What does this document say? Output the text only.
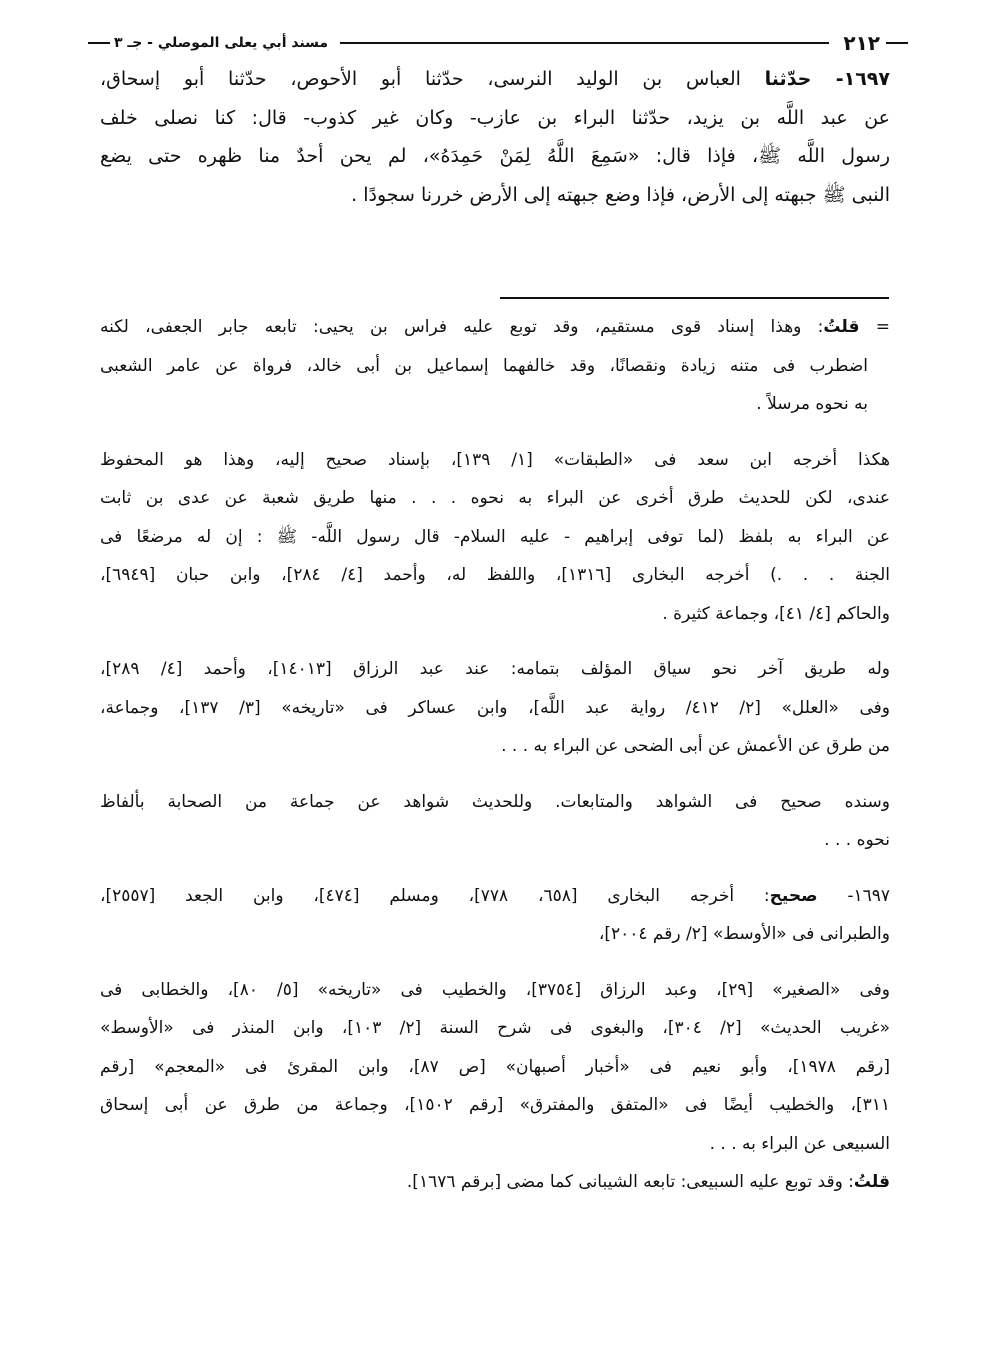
٢١٢
مسند أبي يعلى الموصلي - جـ ٣
١٦٩٧- حدّثنا العباس بن الوليد النرسى، حدّثنا أبو الأحوص، حدّثنا أبو إسحاق،
عن عبد اللَّه بن يزيد، حدّثنا البراء بن عازب- وكان غير كذوب- قال: كنا نصلى خلف
رسول اللَّه ﷺ، فإذا قال: «سَمِعَ اللَّهُ لِمَنْ حَمِدَهُ»، لم يحن أحدٌ منا ظهره حتى يضع
النبى ﷺ جبهته إلى الأرض، فإذا وضع جبهته إلى الأرض خررنا سجودًا .
= قلتُ: وهذا إسناد قوى مستقيم، وقد توبع عليه فراس بن يحيى: تابعه جابر الجعفى، لكنه
اضطرب فى متنه زيادة ونقصانًا، وقد خالفهما إسماعيل بن أبى خالد، فرواة عن عامر الشعبى
به نحوه مرسلاً .
هكذا أخرجه ابن سعد فى «الطبقات» [١/ ١٣٩]، بإسناد صحيح إليه، وهذا هو المحفوظ
عندى، لكن للحديث طرق أخرى عن البراء به نحوه . . . منها طريق شعبة عن عدى بن ثابت
عن البراء به بلفظ (لما توفى إبراهيم - عليه السلام- قال رسول اللَّه- ﷺ : إن له مرضعًا فى
الجنة . . .) أخرجه البخارى [١٣١٦]، واللفظ له، وأحمد [٤/ ٢٨٤]، وابن حبان [٦٩٤٩]،
والحاكم [٤/ ٤١]، وجماعة كثيرة .
وله طريق آخر نحو سياق المؤلف بتمامه: عند عبد الرزاق [١٤٠١٣]، وأحمد [٤/ ٢٨٩]،
وفى «العلل» [٢/ ٤١٢/ رواية عبد اللَّه]، وابن عساكر فى «تاريخه» [٣/ ١٣٧]، وجماعة،
من طرق عن الأعمش عن أبى الضحى عن البراء به . . .
وسنده صحيح فى الشواهد والمتابعات. وللحديث شواهد عن جماعة من الصحابة بألفاظ
نحوه . . .
١٦٩٧- صحيح: أخرجه البخارى [٦٥٨، ٧٧٨]، ومسلم [٤٧٤]، وابن الجعد [٢٥٥٧]،
والطبرانى فى «الأوسط» [٢/ رقم ٢٠٠٤]،
وفى «الصغير» [٢٩]، وعبد الرزاق [٣٧٥٤]، والخطيب فى «تاريخه» [٥/ ٨٠]، والخطابى فى
«غريب الحديث» [٢/ ٣٠٤]، والبغوى فى شرح السنة [٢/ ١٠٣]، وابن المنذر فى «الأوسط»
[رقم ١٩٧٨]، وأبو نعيم فى «أخبار أصبهان» [ص ٨٧]، وابن المقرئ فى «المعجم» [رقم
٣١١]، والخطيب أيضًا فى «المتفق والمفترق» [رقم ١٥٠٢]، وجماعة من طرق عن أبى إسحاق
السبيعى عن البراء به . . .
قلتُ: وقد توبع عليه السبيعى: تابعه الشيبانى كما مضى [برقم ١٦٧٦].
